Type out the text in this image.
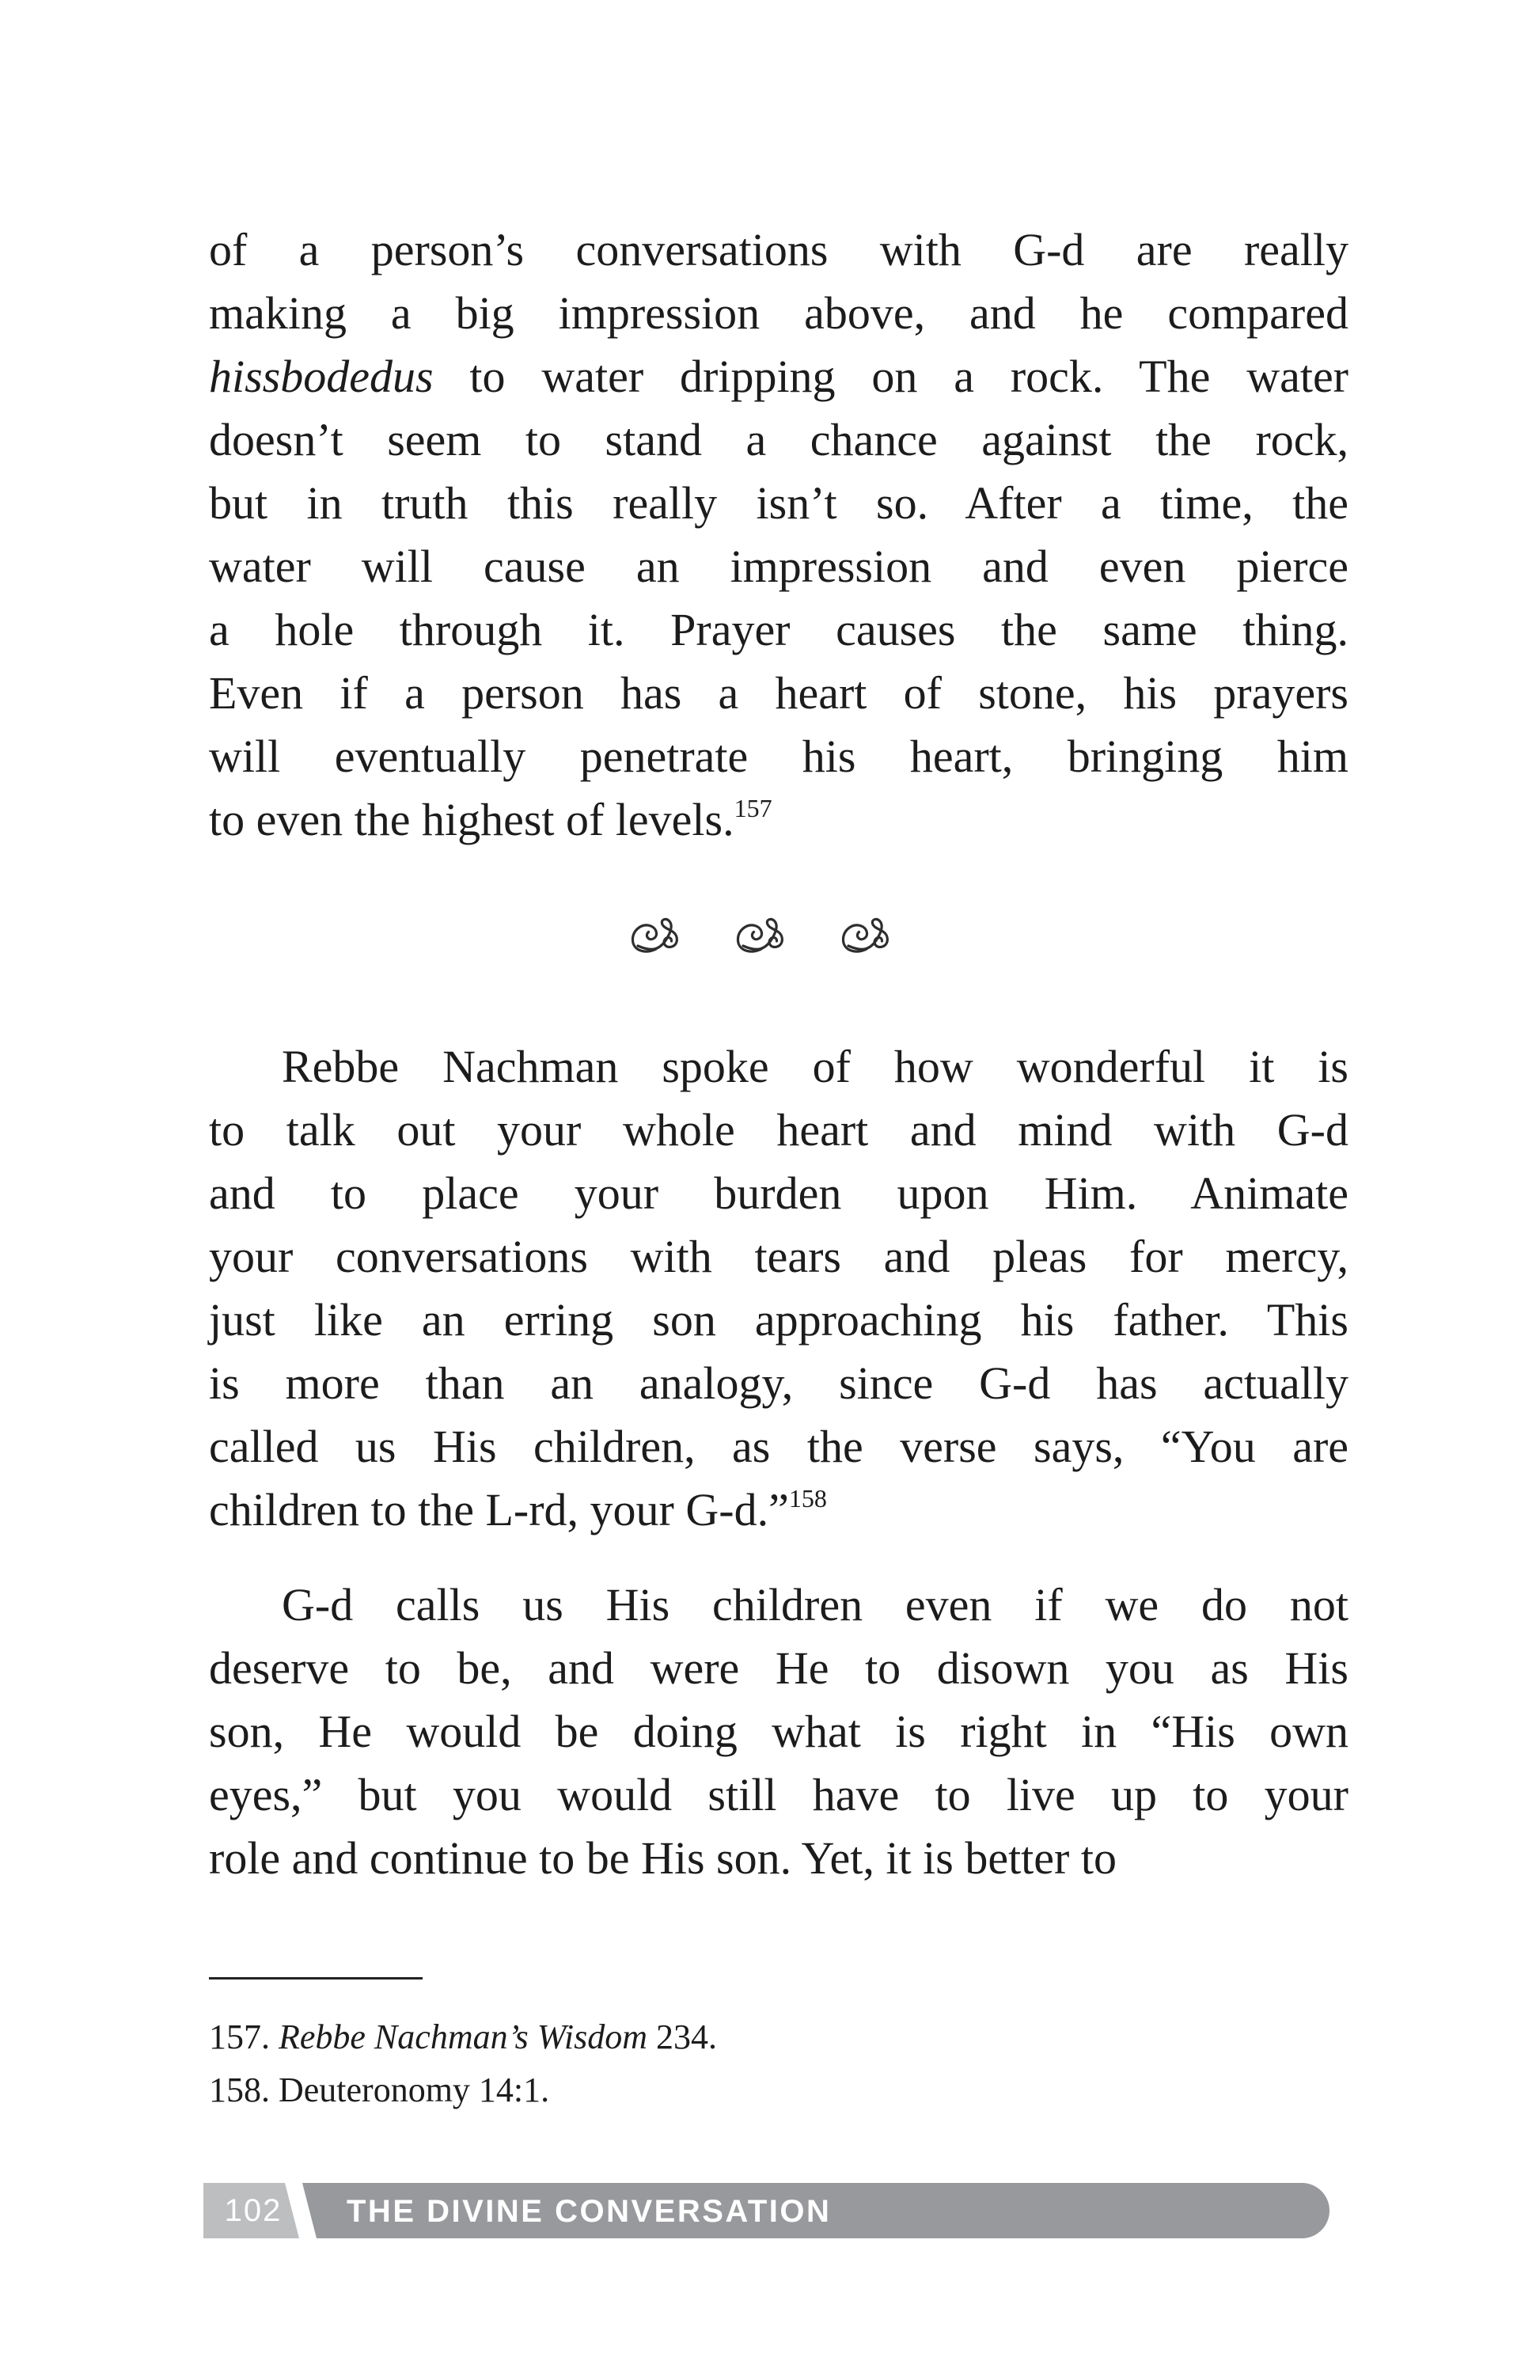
of a person’s conversations with G-d are really
making a big impression above, and he compared
hissbodedus to water dripping on a rock. The water
doesn’t seem to stand a chance against the rock,
but in truth this really isn’t so. After a time, the
water will cause an impression and even pierce
a hole through it. Prayer causes the same thing.
Even if a person has a heart of stone, his prayers
will eventually penetrate his heart, bringing him
to even the highest of levels.$^{157}$
Rebbe Nachman spoke of how wonderful it is
to talk out your whole heart and mind with G-d
and to place your burden upon Him. Animate
your conversations with tears and pleas for mercy,
just like an erring son approaching his father. This
is more than an analogy, since G-d has actually
called us His children, as the verse says, “You are
children to the L-rd, your G-d.”$^{158}$
G-d calls us His children even if we do not
deserve to be, and were He to disown you as His
son, He would be doing what is right in “His own
eyes,” but you would still have to live up to your
role and continue to be His son. Yet, it is better to
157. Rebbe Nachman’s Wisdom 234.
158. Deuteronomy 14:1.
102 THE DIVINE CONVERSATION
